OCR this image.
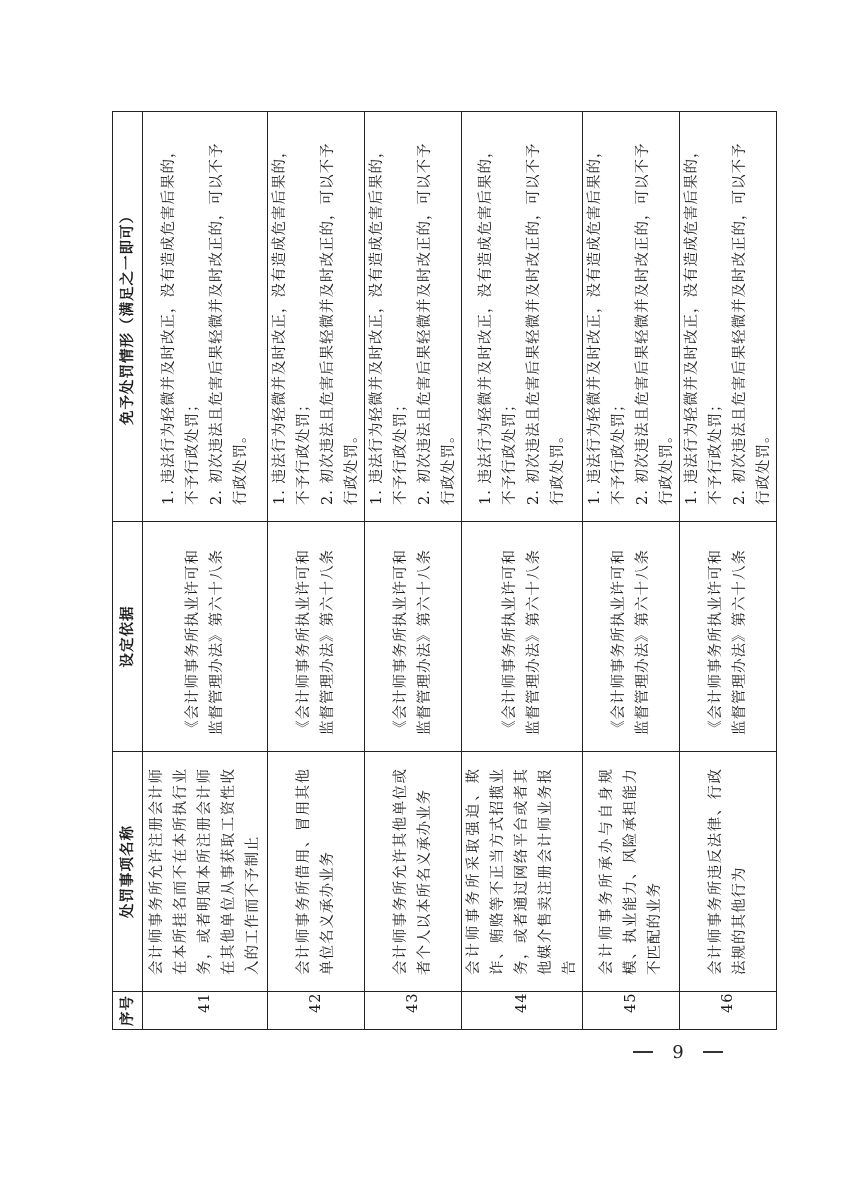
序号	处罚事项名称	设定依据	免予处罚情形（满足之一即可）
41	会计师事务所允许注册会计师在本所挂名而不在本所执行业务，或者明知本所注册会计师在其他单位从事获取工资性收入的工作而不予制止	《会计师事务所执业许可和监督管理办法》第六十八条	1. 违法行为轻微并及时改正，没有造成危害后果的，不予行政处罚； 2. 初次违法且危害后果轻微并及时改正的，可以不予行政处罚。

42	会计师事务所借用、冒用其他单位名义承办业务	《会计师事务所执业许可和监督管理办法》第六十八条	1. 违法行为轻微并及时改正，没有造成危害后果的，不予行政处罚； 2. 初次违法且危害后果轻微并及时改正的，可以不予行政处罚。

43	会计师事务所允许其他单位或者个人以本所名义承办业务	《会计师事务所执业许可和监督管理办法》第六十八条	1. 违法行为轻微并及时改正，没有造成危害后果的，不予行政处罚； 2. 初次违法且危害后果轻微并及时改正的，可以不予行政处罚。

44	会计师事务所采取强迫、欺诈、贿赂等不正当方式招揽业务，或者通过网络平台或者其他媒介售卖注册会计师业务报告	《会计师事务所执业许可和监督管理办法》第六十八条	1. 违法行为轻微并及时改正，没有造成危害后果的，不予行政处罚； 2. 初次违法且危害后果轻微并及时改正的，可以不予行政处罚。

45	会计师事务所承办与自身规模、执业能力、风险承担能力不匹配的业务	《会计师事务所执业许可和监督管理办法》第六十八条	1. 违法行为轻微并及时改正，没有造成危害后果的，不予行政处罚； 2. 初次违法且危害后果轻微并及时改正的，可以不予行政处罚。

46	会计师事务所违反法律、行政法规的其他行为	《会计师事务所执业许可和监督管理办法》第六十八条	1. 违法行为轻微并及时改正，没有造成危害后果的，不予行政处罚； 2. 初次违法且危害后果轻微并及时改正的，可以不予行政处罚。
9
